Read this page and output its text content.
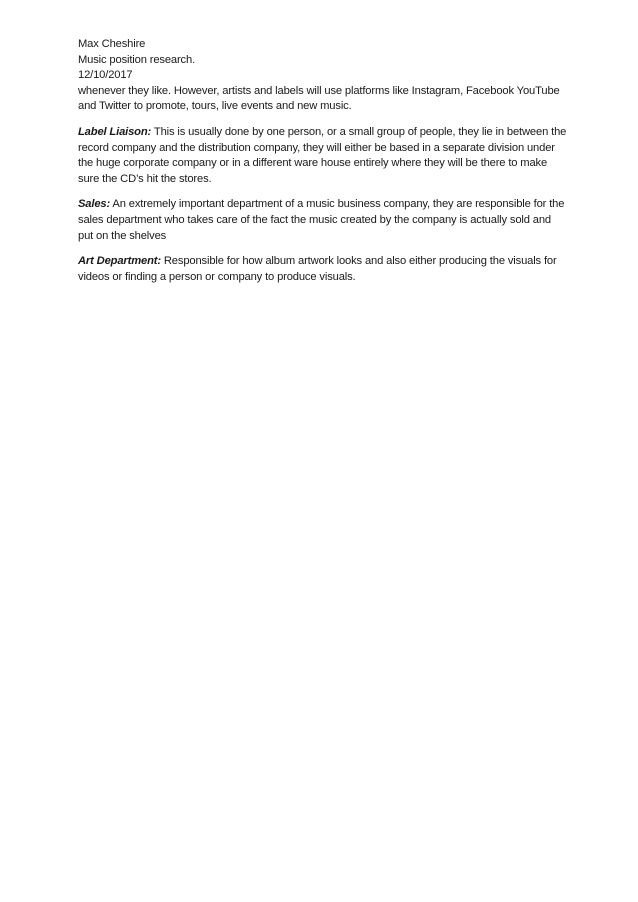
Max Cheshire
Music position research.
12/10/2017

whenever they like. However, artists and labels will use platforms like Instagram, Facebook YouTube and Twitter to promote, tours, live events and new music.

Label Liaison: This is usually done by one person, or a small group of people, they lie in between the record company and the distribution company, they will either be based in a separate division under the huge corporate company or in a different ware house entirely where they will be there to make sure the CD’s hit the stores.

Sales: An extremely important department of a music business company, they are responsible for the sales department who takes care of the fact the music created by the company is actually sold and put on the shelves

Art Department: Responsible for how album artwork looks and also either producing the visuals for videos or finding a person or company to produce visuals.
